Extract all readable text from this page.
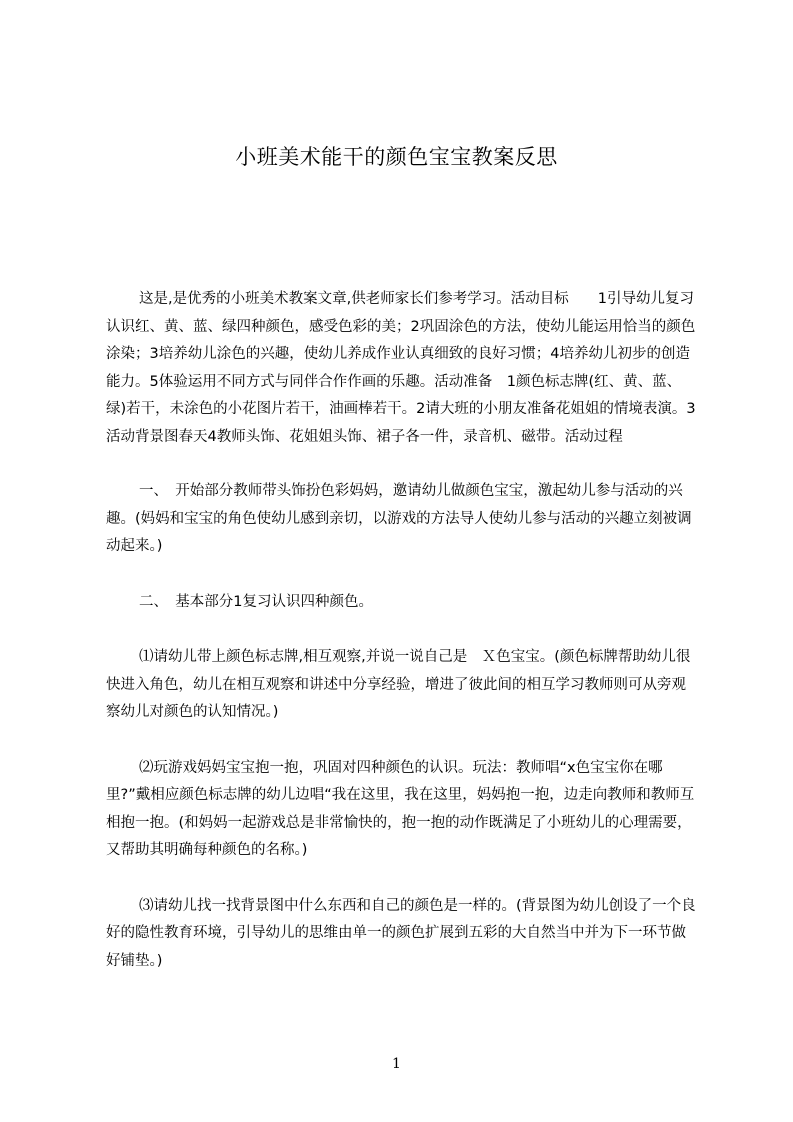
小班美术能干的颜色宝宝教案反思

这是,是优秀的小班美术教案文章,供老师家长们参考学习。活动目标　　1引导幼儿复习认识红、黄、蓝、绿四种颜色，感受色彩的美；2巩固涂色的方法，使幼儿能运用恰当的颜色涂染；3培养幼儿涂色的兴趣，使幼儿养成作业认真细致的良好习惯；4培养幼儿初步的创造能力。5体验运用不同方式与同伴合作作画的乐趣。活动准备　1颜色标志牌(红、黄、蓝、绿)若干，未涂色的小花图片若干，油画棒若干。2请大班的小朋友准备花姐姐的情境表演。3活动背景图春天4教师头饰、花姐姐头饰、裙子各一件，录音机、磁带。活动过程

一、　开始部分教师带头饰扮色彩妈妈，邀请幼儿做颜色宝宝，激起幼儿参与活动的兴趣。(妈妈和宝宝的角色使幼儿感到亲切，以游戏的方法导人使幼儿参与活动的兴趣立刻被调动起来。)

二、　基本部分1复习认识四种颜色。

⑴请幼儿带上颜色标志牌,相互观察,并说一说自己是　Ｘ色宝宝。(颜色标牌帮助幼儿很快进入角色，幼儿在相互观察和讲述中分享经验，增进了彼此间的相互学习教师则可从旁观察幼儿对颜色的认知情况。)

⑵玩游戏妈妈宝宝抱一抱，巩固对四种颜色的认识。玩法：教师唱“x色宝宝你在哪里?”戴相应颜色标志牌的幼儿边唱“我在这里，我在这里，妈妈抱一抱，边走向教师和教师互相抱一抱。(和妈妈一起游戏总是非常愉快的，抱一抱的动作既满足了小班幼儿的心理需要，又帮助其明确每种颜色的名称。)

⑶请幼儿找一找背景图中什么东西和自己的颜色是一样的。(背景图为幼儿创设了一个良好的隐性教育环境，引导幼儿的思维由单一的颜色扩展到五彩的大自然当中并为下一环节做好铺垫。)

1
